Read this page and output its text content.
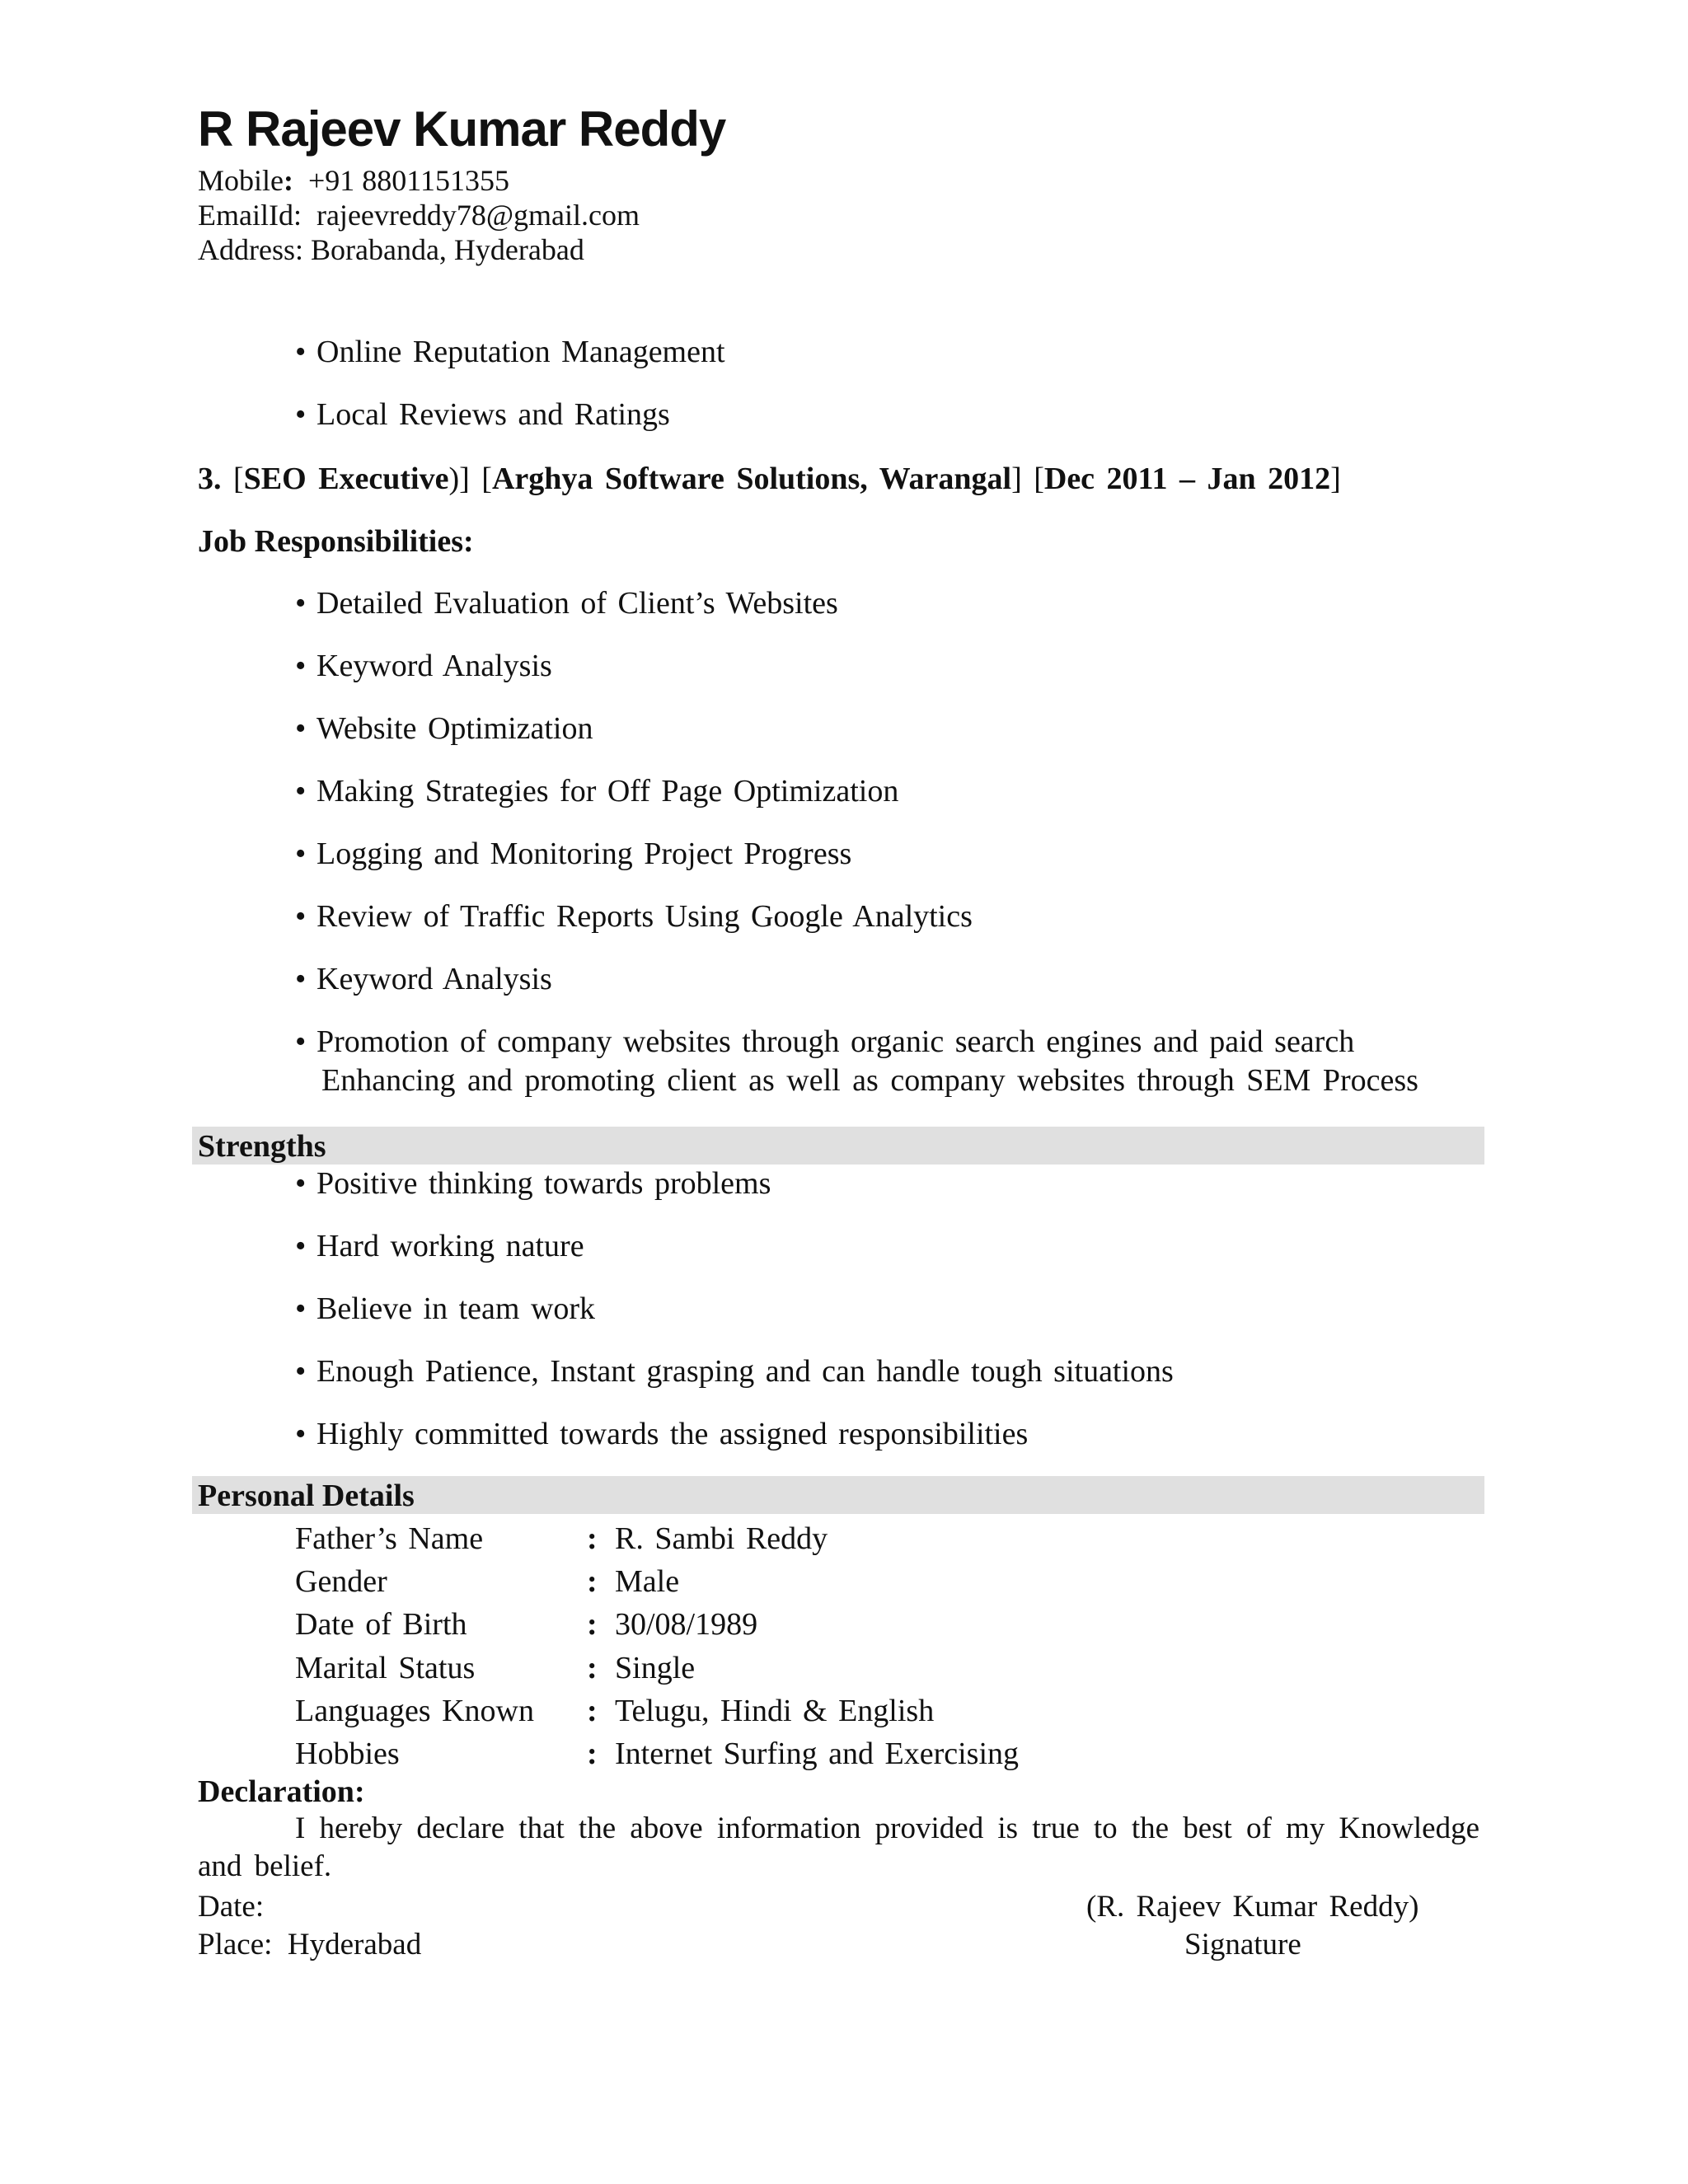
R Rajeev Kumar Reddy
Mobile: +91 8801151355
EmailId: rajeevreddy78@gmail.com
Address: Borabanda, Hyderabad
• Online Reputation Management
• Local Reviews and Ratings
3. [SEO Executive)] [Arghya Software Solutions, Warangal] [Dec 2011 – Jan 2012]
Job Responsibilities:
• Detailed Evaluation of Client’s Websites
• Keyword Analysis
• Website Optimization
• Making Strategies for Off Page Optimization
• Logging and Monitoring Project Progress
• Review of Traffic Reports Using Google Analytics
• Keyword Analysis
• Promotion of company websites through organic search engines and paid search
Enhancing and promoting client as well as company websites through SEM Process
Strengths
• Positive thinking towards problems
• Hard working nature
• Believe in team work
• Enough Patience, Instant grasping and can handle tough situations
• Highly committed towards the assigned responsibilities
Personal Details
Father’s Name	: R. Sambi Reddy
Gender	: Male
Date of Birth	: 30/08/1989
Marital Status	: Single
Languages Known : Telugu, Hindi & English
Hobbies	: Internet Surfing and Exercising
Declaration:
I hereby declare that the above information provided is true to the best of my Knowledge and belief.
Date:	(R. Rajeev Kumar Reddy)
Place: Hyderabad	Signature
